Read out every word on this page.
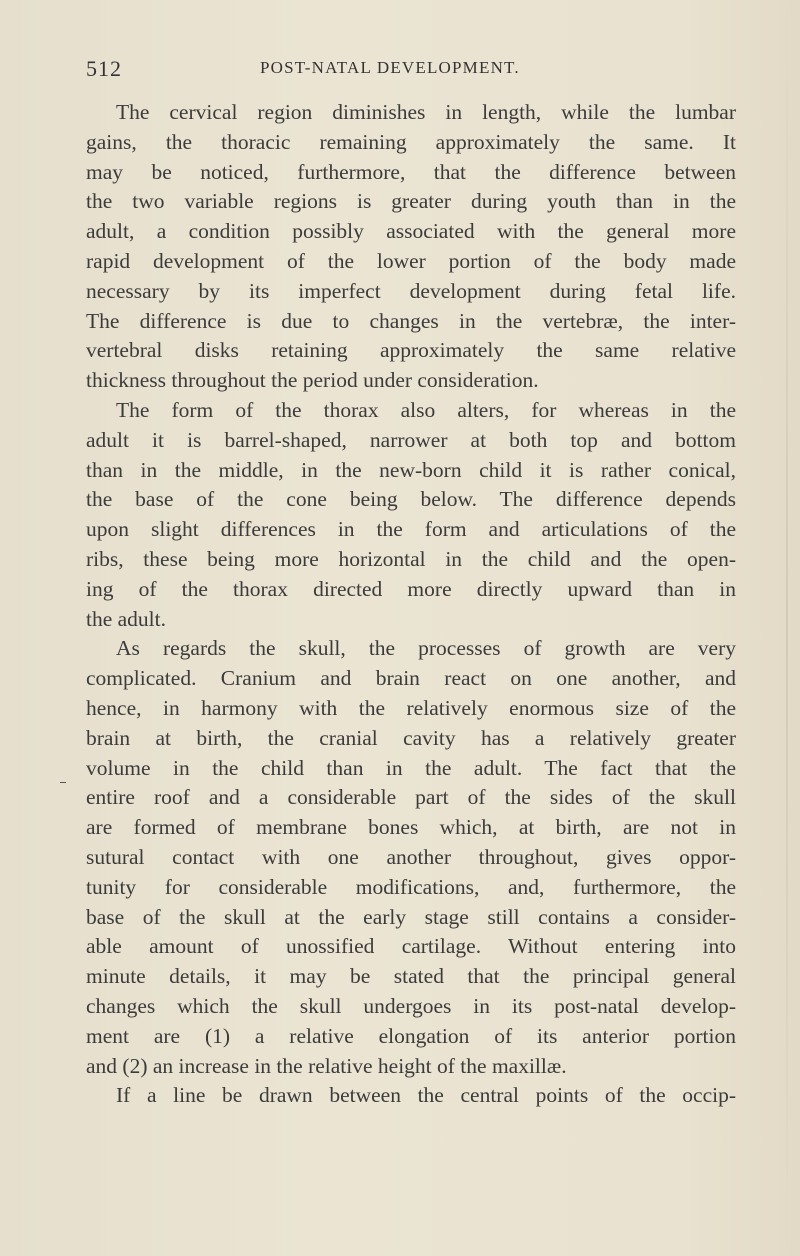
512	POST-NATAL DEVELOPMENT.
The cervical region diminishes in length, while the lumbar
gains, the thoracic remaining approximately the same. It
may be noticed, furthermore, that the difference between
the two variable regions is greater during youth than in the
adult, a condition possibly associated with the general more
rapid development of the lower portion of the body made
necessary by its imperfect development during fetal life.
The difference is due to changes in the vertebræ, the inter-
vertebral disks retaining approximately the same relative
thickness throughout the period under consideration.
The form of the thorax also alters, for whereas in the
adult it is barrel-shaped, narrower at both top and bottom
than in the middle, in the new-born child it is rather conical,
the base of the cone being below. The difference depends
upon slight differences in the form and articulations of the
ribs, these being more horizontal in the child and the open-
ing of the thorax directed more directly upward than in
the adult.
As regards the skull, the processes of growth are very
complicated. Cranium and brain react on one another, and
hence, in harmony with the relatively enormous size of the
brain at birth, the cranial cavity has a relatively greater
volume in the child than in the adult. The fact that the
entire roof and a considerable part of the sides of the skull
are formed of membrane bones which, at birth, are not in
sutural contact with one another throughout, gives oppor-
tunity for considerable modifications, and, furthermore, the
base of the skull at the early stage still contains a consider-
able amount of unossified cartilage. Without entering into
minute details, it may be stated that the principal general
changes which the skull undergoes in its post-natal develop-
ment are (1) a relative elongation of its anterior portion
and (2) an increase in the relative height of the maxillæ.
If a line be drawn between the central points of the occip-
